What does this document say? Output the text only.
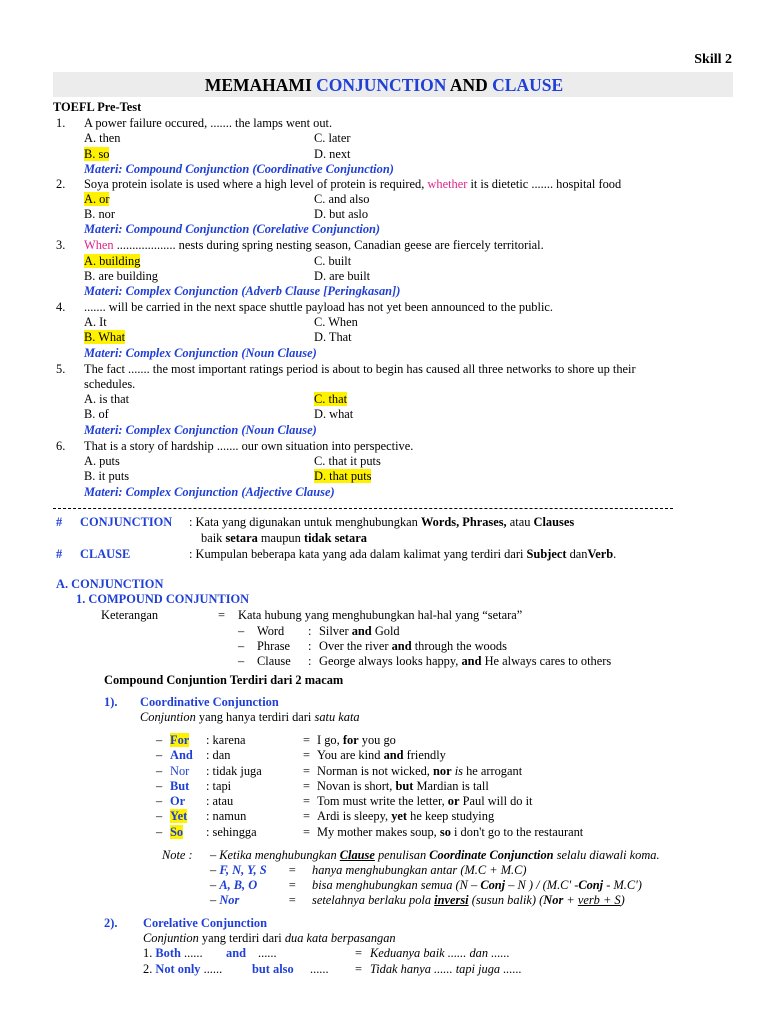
Skill 2
MEMAHAMI CONJUNCTION AND CLAUSE
TOEFL Pre-Test
1. A power failure occured, ....... the lamps went out.
A. then	C. later
B. so	D. next
Materi: Compound Conjunction (Coordinative Conjunction)
2. Soya protein isolate is used where a high level of protein is required, whether it is dietetic ....... hospital food
A. or	C. and also
B. nor	D. but aslo
Materi: Compound Conjunction (Corelative Conjunction)
3. When ................... nests during spring nesting season, Canadian geese are fiercely territorial.
A. building	C. built
B. are building	D. are built
Materi: Complex Conjunction (Adverb Clause [Peringkasan])
4. ....... will be carried in the next space shuttle payload has not yet been announced to the public.
A. It	C. When
B. What	D. That
Materi: Complex Conjunction (Noun Clause)
5. The fact ....... the most important ratings period is about to begin has caused all three networks to shore up their
schedules.
A. is that	C. that
B. of	D. what
Materi: Complex Conjunction (Noun Clause)
6. That is a story of hardship ....... our own situation into perspective.
A. puts	C. that it puts
B. it puts	D. that puts
Materi: Complex Conjunction (Adjective Clause)
# CONJUNCTION : Kata yang digunakan untuk menghubungkan Words, Phrases, atau Clauses
baik setara maupun tidak setara
# CLAUSE	: Kumpulan beberapa kata yang ada dalam kalimat yang terdiri dari Subject danVerb.
A. CONJUNCTION
1. COMPOUND CONJUNTION
Keterangan	= Kata hubung yang menghubungkan hal-hal yang “setara”
– Word : Silver and Gold
– Phrase : Over the river and through the woods
– Clause : George always looks happy, and He always cares to others
Compound Conjuntion Terdiri dari 2 macam
1). Coordinative Conjunction
Conjuntion yang hanya terdiri dari satu kata
– For : karena	= I go, for you go
– And : dan	= You are kind and friendly
– Nor : tidak juga	= Norman is not wicked, nor is he arrogant
– But : tapi	= Novan is short, but Mardian is tall
– Or : atau	= Tom must write the letter, or Paul will do it
– Yet : namun	= Ardi is sleepy, yet he keep studying
– So : sehingga	= My mother makes soup, so i don't go to the restaurant
Note : – Ketika menghubungkan Clause penulisan Coordinate Conjunction selalu diawali koma.
– F, N, Y, S = hanya menghubungkan antar (M.C + M.C)
– A, B, O = bisa menghubungkan semua (N – Conj – N ) / (M.C' -Conj - M.C')
– Nor	= setelahnya berlaku pola inversi (susun balik) (Nor + verb + S)
2). Corelative Conjunction
Conjuntion yang terdiri dari dua kata berpasangan
1. Both ...... and ......	= Keduanya baik ...... dan ......
2. Not only ...... but also ...... = Tidak hanya ...... tapi juga ......
